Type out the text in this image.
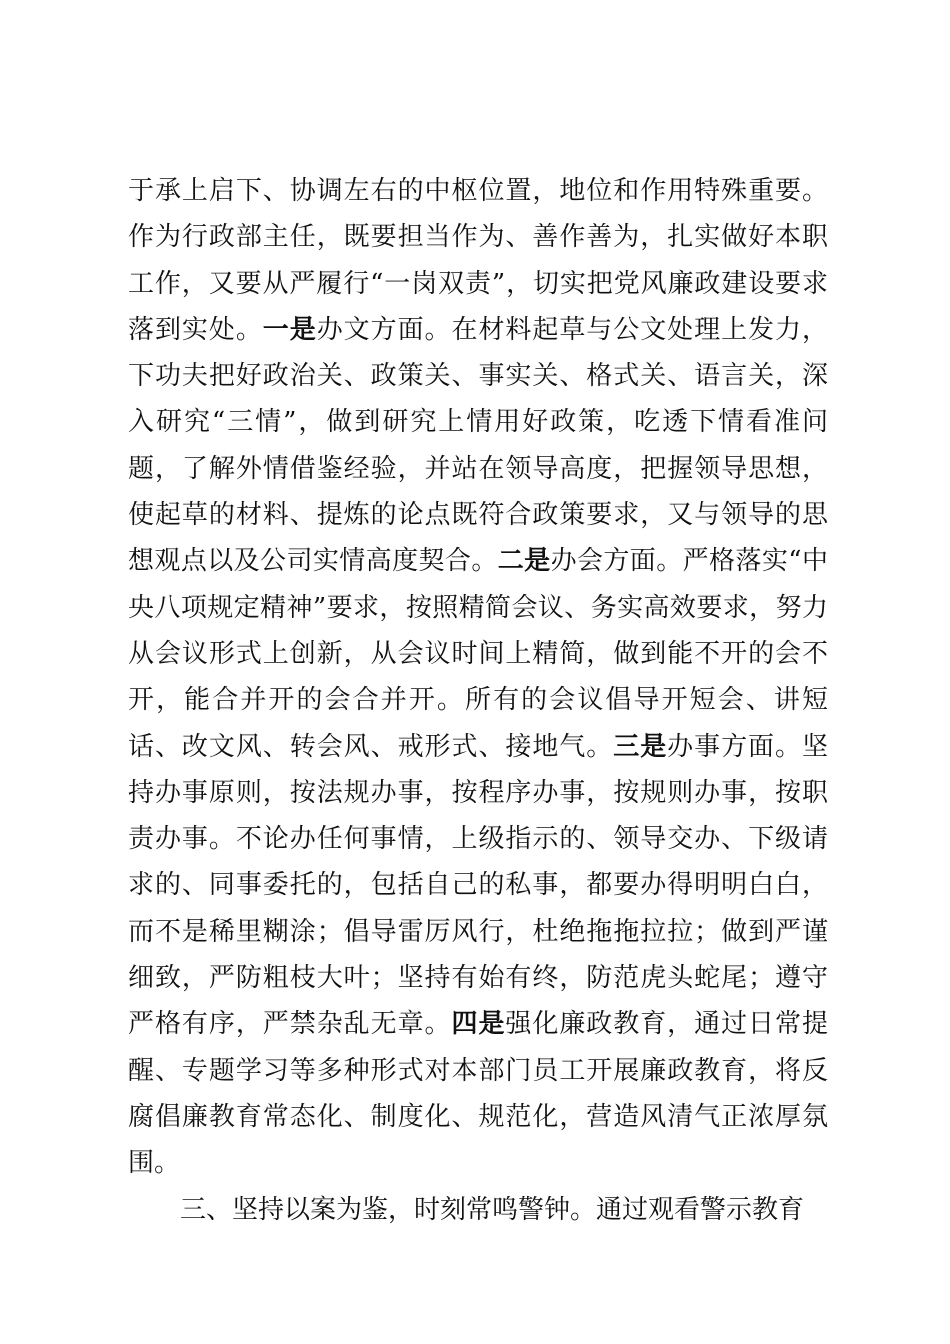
于承上启下、协调左右的中枢位置，地位和作用特殊重要。作为行政部主任，既要担当作为、善作善为，扎实做好本职工作，又要从严履行“一岗双责”，切实把党风廉政建设要求落到实处。一是办文方面。在材料起草与公文处理上发力，下功夫把好政治关、政策关、事实关、格式关、语言关，深入研究“三情”，做到研究上情用好政策，吃透下情看准问题，了解外情借鉴经验，并站在领导高度，把握领导思想，使起草的材料、提炼的论点既符合政策要求，又与领导的思想观点以及公司实情高度契合。二是办会方面。严格落实“中央八项规定精神”要求，按照精简会议、务实高效要求，努力从会议形式上创新，从会议时间上精简，做到能不开的会不开，能合并开的会合并开。所有的会议倡导开短会、讲短话、改文风、转会风、戒形式、接地气。三是办事方面。坚持办事原则，按法规办事，按程序办事，按规则办事，按职责办事。不论办任何事情，上级指示的、领导交办、下级请求的、同事委托的，包括自己的私事，都要办得明明白白，而不是稀里糊涂；倡导雷厉风行，杜绝拖拖拉拉；做到严谨细致，严防粗枝大叶；坚持有始有终，防范虎头蛇尾；遵守严格有序，严禁杂乱无章。四是强化廉政教育，通过日常提醒、专题学习等多种形式对本部门员工开展廉政教育，将反腐倡廉教育常态化、制度化、规范化，营造风清气正浓厚氛围。

三、坚持以案为鉴，时刻常鸣警钟。通过观看警示教育
